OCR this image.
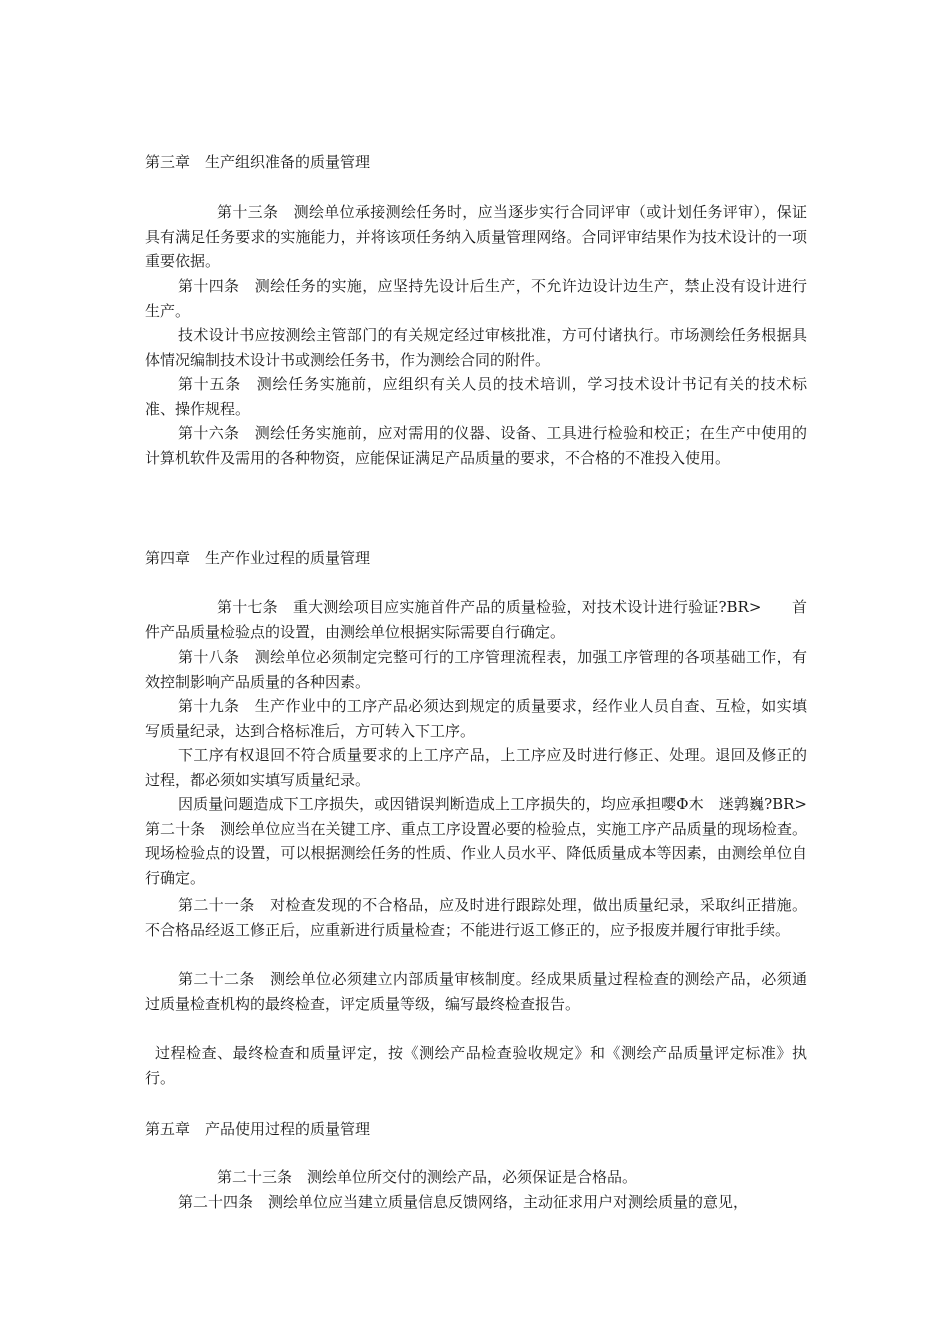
第三章　生产组织准备的质量管理
第十三条　测绘单位承接测绘任务时，应当逐步实行合同评审（或计划任务评审），保证具有满足任务要求的实施能力，并将该项任务纳入质量管理网络。合同评审结果作为技术设计的一项重要依据。
第十四条　测绘任务的实施，应坚持先设计后生产，不允许边设计边生产，禁止没有设计进行生产。
技术设计书应按测绘主管部门的有关规定经过审核批准，方可付诸执行。市场测绘任务根据具体情况编制技术设计书或测绘任务书，作为测绘合同的附件。
第十五条　测绘任务实施前，应组织有关人员的技术培训，学习技术设计书记有关的技术标准、操作规程。
第十六条　测绘任务实施前，应对需用的仪器、设备、工具进行检验和校正；在生产中使用的计算机软件及需用的各种物资，应能保证满足产品质量的要求，不合格的不准投入使用。
第四章　生产作业过程的质量管理
第十七条　重大测绘项目应实施首件产品的质量检验，对技术设计进行验证?BR>　　首件产品质量检验点的设置，由测绘单位根据实际需要自行确定。
第十八条　测绘单位必须制定完整可行的工序管理流程表，加强工序管理的各项基础工作，有效控制影响产品质量的各种因素。
第十九条　生产作业中的工序产品必须达到规定的质量要求，经作业人员自查、互检，如实填写质量纪录，达到合格标准后，方可转入下工序。
下工序有权退回不符合质量要求的上工序产品，上工序应及时进行修正、处理。退回及修正的过程，都必须如实填写质量纪录。
因质量问题造成下工序损失，或因错误判断造成上工序损失的，均应承担嘤Φ木　迷鹑巍?BR>　　第二十条　测绘单位应当在关键工序、重点工序设置必要的检验点，实施工序产品质量的现场检查。现场检验点的设置，可以根据测绘任务的性质、作业人员水平、降低质量成本等因素，由测绘单位自行确定。
第二十一条　对检查发现的不合格品，应及时进行跟踪处理，做出质量纪录，采取纠正措施。不合格品经返工修正后，应重新进行质量检查；不能进行返工修正的，应予报废并履行审批手续。
第二十二条　测绘单位必须建立内部质量审核制度。经成果质量过程检查的测绘产品，必须通过质量检查机构的最终检查，评定质量等级，编写最终检查报告。
过程检查、最终检查和质量评定，按《测绘产品检查验收规定》和《测绘产品质量评定标准》执行。
第五章　产品使用过程的质量管理
第二十三条　测绘单位所交付的测绘产品，必须保证是合格品。
第二十四条　测绘单位应当建立质量信息反馈网络，主动征求用户对测绘质量的意见，
